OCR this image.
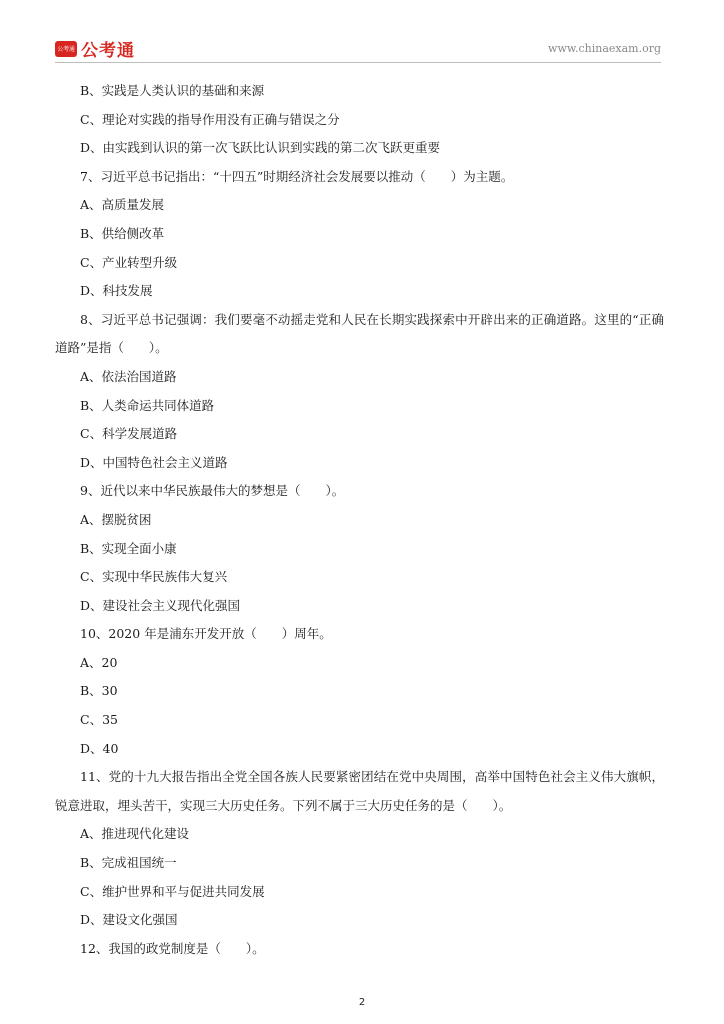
公考通 公考通	www.chinaexam.org
B、实践是人类认识的基础和来源
C、理论对实践的指导作用没有正确与错误之分
D、由实践到认识的第一次飞跃比认识到实践的第二次飞跃更重要
7、习近平总书记指出：“十四五”时期经济社会发展要以推动（　　）为主题。
A、高质量发展
B、供给侧改革
C、产业转型升级
D、科技发展
8、习近平总书记强调：我们要毫不动摇走党和人民在长期实践探索中开辟出来的正确道路。这里的“正确道路”是指（　　）。
A、依法治国道路
B、人类命运共同体道路
C、科学发展道路
D、中国特色社会主义道路
9、近代以来中华民族最伟大的梦想是（　　）。
A、摆脱贫困
B、实现全面小康
C、实现中华民族伟大复兴
D、建设社会主义现代化强国
10、2020 年是浦东开发开放（　　）周年。
A、20
B、30
C、35
D、40
11、党的十九大报告指出全党全国各族人民要紧密团结在党中央周围，高举中国特色社会主义伟大旗帜，锐意进取，埋头苦干，实现三大历史任务。下列不属于三大历史任务的是（　　）。
A、推进现代化建设
B、完成祖国统一
C、维护世界和平与促进共同发展
D、建设文化强国
12、我国的政党制度是（　　）。
2
